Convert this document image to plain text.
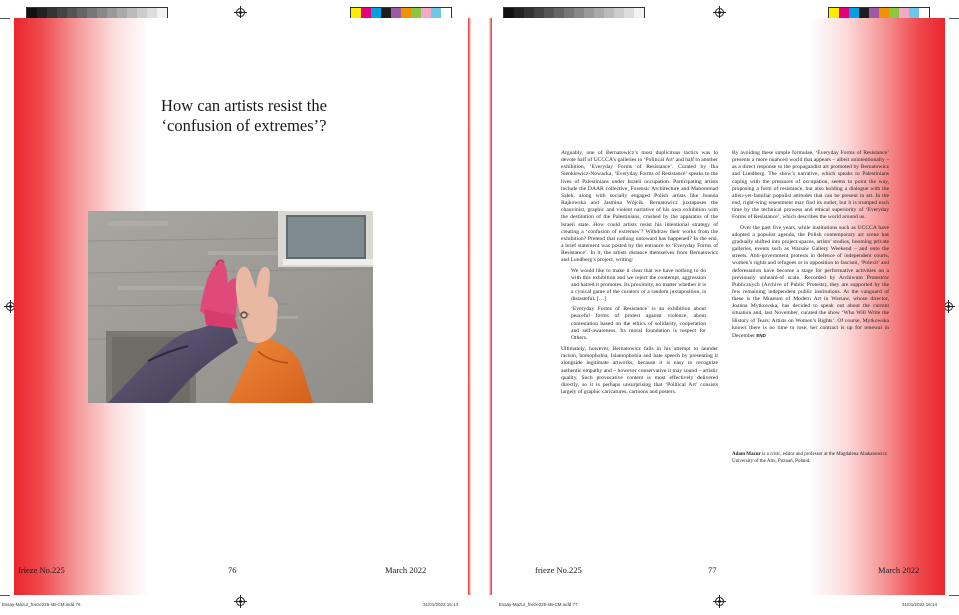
How can artists resist the ‘confusion of extremes’?
frieze No.225	76	March 2022

Arguably, one of Bernatowicz’s most duplicitous tactics was to devote half of UCCCA’s galleries to ‘Political Art’ and half to another exhibition, ‘Everyday Forms of Resistance’. Curated by Ika Sienkiewicz-Nowacka, ‘Everyday Forms of Resistance’ speaks to the lives of Palestinians under Israeli occupation. Participating artists include the DAAR collective, Forensic Architecture and Mahommad Saleh, along with socially engaged Polish artists like Joanna Rajkowska and Jasmina Wójcik. Bernatowicz juxtaposes the chauvinist, graphic and violent narrative of his own exhibition with the destitution of the Palestinians, crushed by the apparatus of the Israeli state. How could artists resist his intentional strategy of creating a ‘confusion of extremes’? Withdraw their works from the exhibition? Pretend that nothing untoward has happened? In the end, a brief statement was posted by the entrance to ‘Everyday Forms of Resistance’. In it, the artists distance themselves from Bernatowicz and Lundberg’s project, writing:

We would like to make it clear that we have nothing to do with this exhibition and we reject the contempt, aggression and hatred it promotes. Its proximity, no matter whether it is a cynical game of the curators or a random juxtaposition, is distasteful. […]

‘Everyday Forms of Resistance’ is an exhibition about peaceful forms of protest against violence, about contestation based on the ethics of solidarity, cooperation and self-awareness. Its moral foundation is respect for Others.

Ultimately, however, Bernatowicz fails in his attempt to launder racism, homophobia, Islamophobia and hate speech by presenting it alongside legitimate artworks, because it is easy to recognize authentic empathy and – however conservative it may sound – artistic quality. Such provocative content is most effectively delivered directly, so it is perhaps unsurprising that ‘Political Art’ consists largely of graphic caricatures, cartoons and posters.

By avoiding these simple formulae, ‘Everyday Forms of Resistance’ presents a more nuanced world that appears – albeit unintentionally – as a direct response to the propagandist art promoted by Bernatowicz and Lundberg. The show’s narrative, which speaks to Palestinians coping with the pressures of occupation, seems to point the way, proposing a form of resistance, but also holding a dialogue with the alien-yet-familiar populist attitudes that can be present in art. In the end, right-wing resentment may find its outlet, but it is trumped each time by the technical prowess and ethical superiority of ‘Everyday Forms of Resistance’, which describes the world around us.

Over the past five years, while institutions such as UCCCA have adopted a populist agenda, the Polish contemporary art scene has gradually shifted into project spaces, artists’ studios, booming private galleries, events such as Warsaw Gallery Weekend – and onto the streets. Anti-government protests in defence of independent courts, women’s rights and refugees or in opposition to fascism, ‘Polexit’ and deforestation have become a stage for performative activities on a previously unheard-of scale. Recorded by Archiwum Protestów Publicznych (Archive of Public Protests), they are supported by the few remaining independent public institutions. At the vanguard of these is the Museum of Modern Art in Warsaw, whose director, Joanna Mytkowska, has decided to speak out about the current situation and, last November, curated the show ‘Who Will Write the History of Tears: Artists on Women’s Rights’. Of course, Mytkowska knows there is no time to lose; her contract is up for renewal in December END

Adam Mazur is a critic, editor and professor at the Magdalena Abakanowicz University of the Arts, Poznań, Poland.
frieze No.225	77	March 2022
Essay-Mazur_frieze225-sB-CM.indd 76	31/01/2022 16:14	Essay-Mazur_frieze225-sB-CM.indd 77	31/01/2022 16:14
